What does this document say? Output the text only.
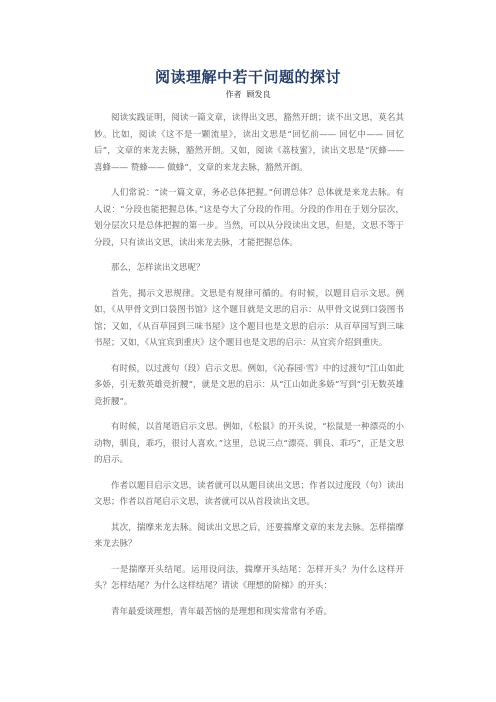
阅读理解中若干问题的探讨
作者 顾发良

阅读实践证明，阅读一篇文章，读得出文思，豁然开朗；读不出文思，莫名其妙。比如，阅读《这不是一颗流星》，读出文思是“回忆前—— 回忆中—— 回忆后”，文章的来龙去脉，豁然开朗。又如，阅读《荔枝蜜》，读出文思是“厌蜂—— 喜蜂—— 赞蜂—— 做蜂”，文章的来龙去脉，豁然开朗。

人们常说：“读一篇文章，务必总体把握。”何谓总体？总体就是来龙去脉。有人说：“分段也能把握总体。”这是夸大了分段的作用。分段的作用在于划分层次，划分层次只是总体把握的第一步。当然，可以从分段读出文思，但是，文思不等于分段，只有读出文思，读出来龙去脉，才能把握总体。

那么，怎样读出文思呢？

首先，揭示文思规律。文思是有规律可循的。有时候，以题目启示文思。例如，《从甲骨文到口袋图书馆》这个题目就是文思的启示：从甲骨文说到口袋图书馆；又如，《从百草园到三味书屋》这个题目也是文思的启示：从百草园写到三味书屋；又如，《从宜宾到重庆》这个题目也是文思的启示：从宜宾介绍到重庆。

有时候，以过渡句（段）启示文思。例如，《沁春园·雪》中的过渡句“江山如此多娇，引无数英雄竞折腰”，就是文思的启示：从“江山如此多娇”写到“引无数英雄竞折腰”。

有时候，以首尾语启示文思。例如，《松鼠》的开头说，“松鼠是一种漂亮的小动物，驯良，乖巧，很讨人喜欢。”这里，总说三点“漂亮、驯良、乖巧”，正是文思的启示。

作者以题目启示文思，读者就可以从题目读出文思；作者以过度段（句）读出文思；作者以首尾启示文思，读者就可以从首段读出文思。

其次，揣摩来龙去脉。阅读出文思之后，还要揣摩文章的来龙去脉。怎样揣摩来龙去脉？

一是揣摩开头结尾。运用设问法，揣摩开头结尾：怎样开头？为什么这样开头？怎样结尾？为什么这样结尾？请读《理想的阶梯》的开头：

青年最爱谈理想，青年最苦恼的是理想和现实常常有矛盾。
